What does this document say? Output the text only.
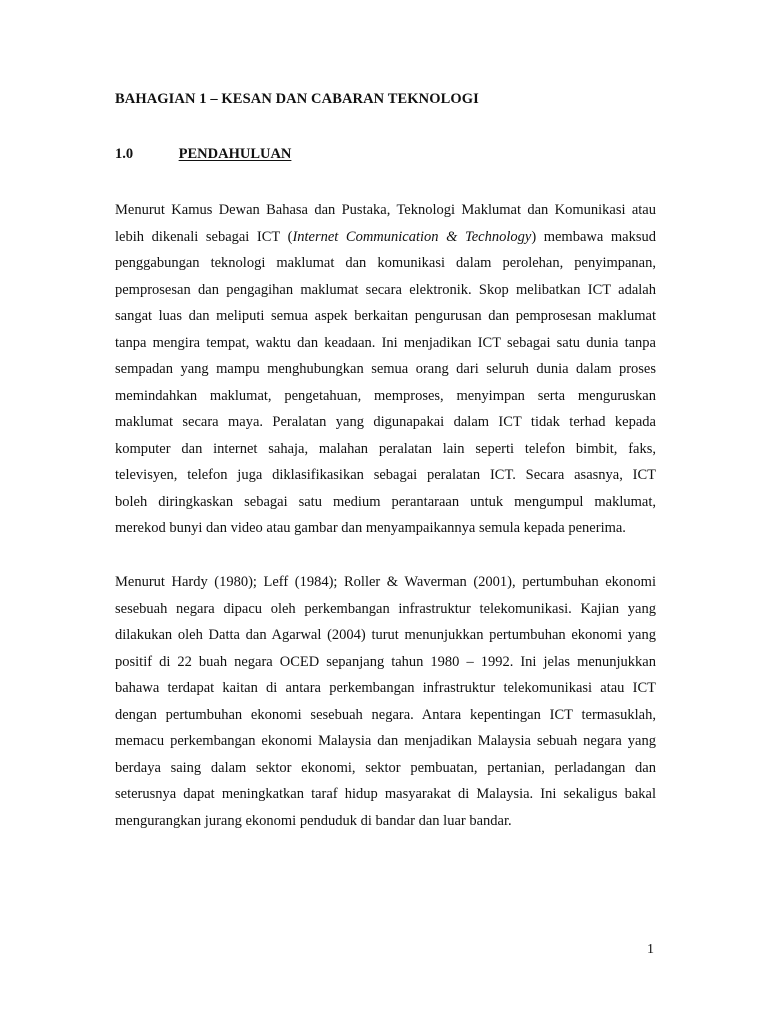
BAHAGIAN 1 – KESAN DAN CABARAN TEKNOLOGI
1.0	PENDAHULUAN
Menurut Kamus Dewan Bahasa dan Pustaka, Teknologi Maklumat dan Komunikasi atau
lebih dikenali sebagai ICT (Internet Communication & Technology) membawa maksud
penggabungan teknologi maklumat dan komunikasi dalam perolehan, penyimpanan,
pemprosesan dan pengagihan maklumat secara elektronik. Skop melibatkan ICT adalah
sangat luas dan meliputi semua aspek berkaitan pengurusan dan pemprosesan maklumat
tanpa mengira tempat, waktu dan keadaan. Ini menjadikan ICT sebagai satu dunia tanpa
sempadan yang mampu menghubungkan semua orang dari seluruh dunia dalam proses
memindahkan maklumat, pengetahuan, memproses, menyimpan serta menguruskan
maklumat secara maya. Peralatan yang digunapakai dalam ICT tidak terhad kepada
komputer dan internet sahaja, malahan peralatan lain seperti telefon bimbit, faks,
televisyen, telefon juga diklasifikasikan sebagai peralatan ICT. Secara asasnya, ICT
boleh diringkaskan sebagai satu medium perantaraan untuk mengumpul maklumat,
merekod bunyi dan video atau gambar dan menyampaikannya semula kepada penerima.
Menurut Hardy (1980); Leff (1984); Roller & Waverman (2001), pertumbuhan ekonomi
sesebuah negara dipacu oleh perkembangan infrastruktur telekomunikasi. Kajian yang
dilakukan oleh Datta dan Agarwal (2004) turut menunjukkan pertumbuhan ekonomi yang
positif di 22 buah negara OCED sepanjang tahun 1980 – 1992. Ini jelas menunjukkan
bahawa terdapat kaitan di antara perkembangan infrastruktur telekomunikasi atau ICT
dengan pertumbuhan ekonomi sesebuah negara. Antara kepentingan ICT termasuklah,
memacu perkembangan ekonomi Malaysia dan menjadikan Malaysia sebuah negara yang
berdaya saing dalam sektor ekonomi, sektor pembuatan, pertanian, perladangan dan
seterusnya dapat meningkatkan taraf hidup masyarakat di Malaysia. Ini sekaligus bakal
mengurangkan jurang ekonomi penduduk di bandar dan luar bandar.
1
